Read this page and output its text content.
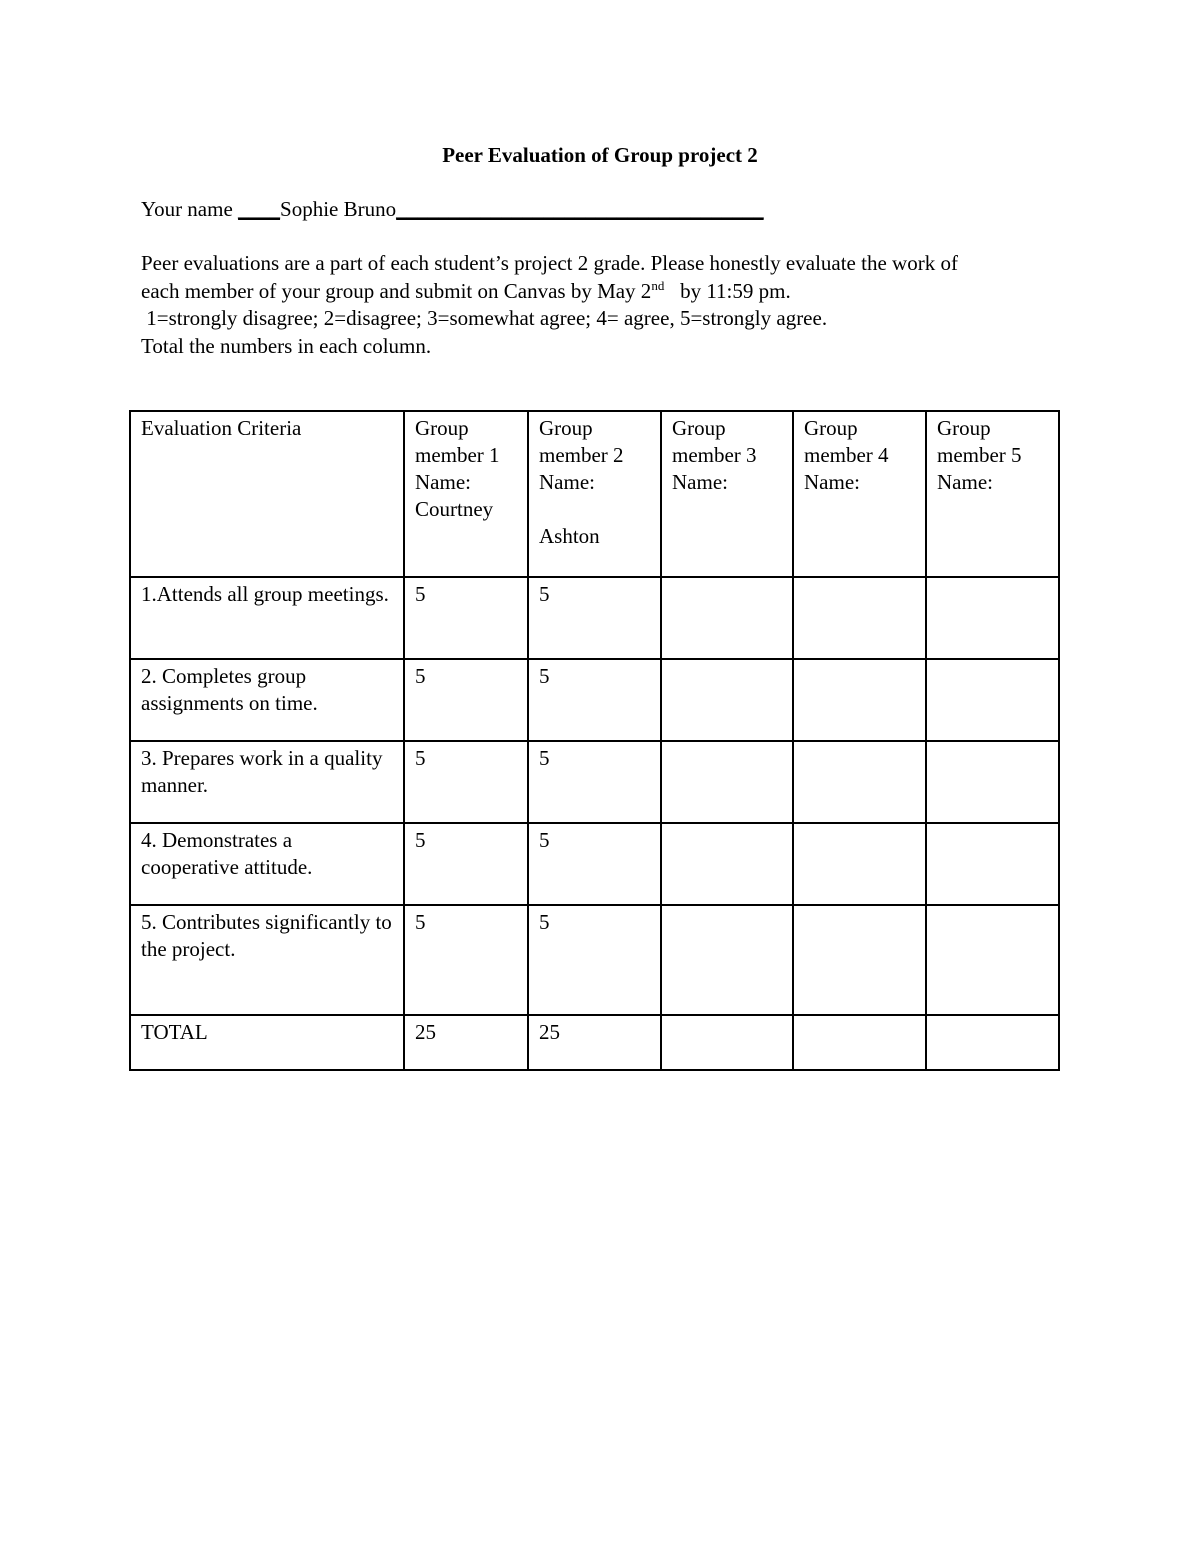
Peer Evaluation of Group project 2
Your name ____Sophie Bruno___________________________________

Peer evaluations are a part of each student’s project 2 grade. Please honestly evaluate the work of

each member of your group and submit on Canvas by May 2nd   by 11:59 pm.

1=strongly disagree; 2=disagree; 3=somewhat agree; 4= agree, 5=strongly agree.

Total the numbers in each column.

Evaluation Criteria	Group
member 1
Name:
Courtney	Group
member 2
Name:
Ashton	Group
member 3
Name:	Group
member 4
Name:	Group
member 5
Name:

1.Attends all group meetings.	5	5			
2. Completes group assignments on time.	5	5			
3. Prepares work in a quality manner.	5	5			
4. Demonstrates a cooperative attitude.	5	5			
5. Contributes significantly to the project.	5	5			
TOTAL	25	25			
